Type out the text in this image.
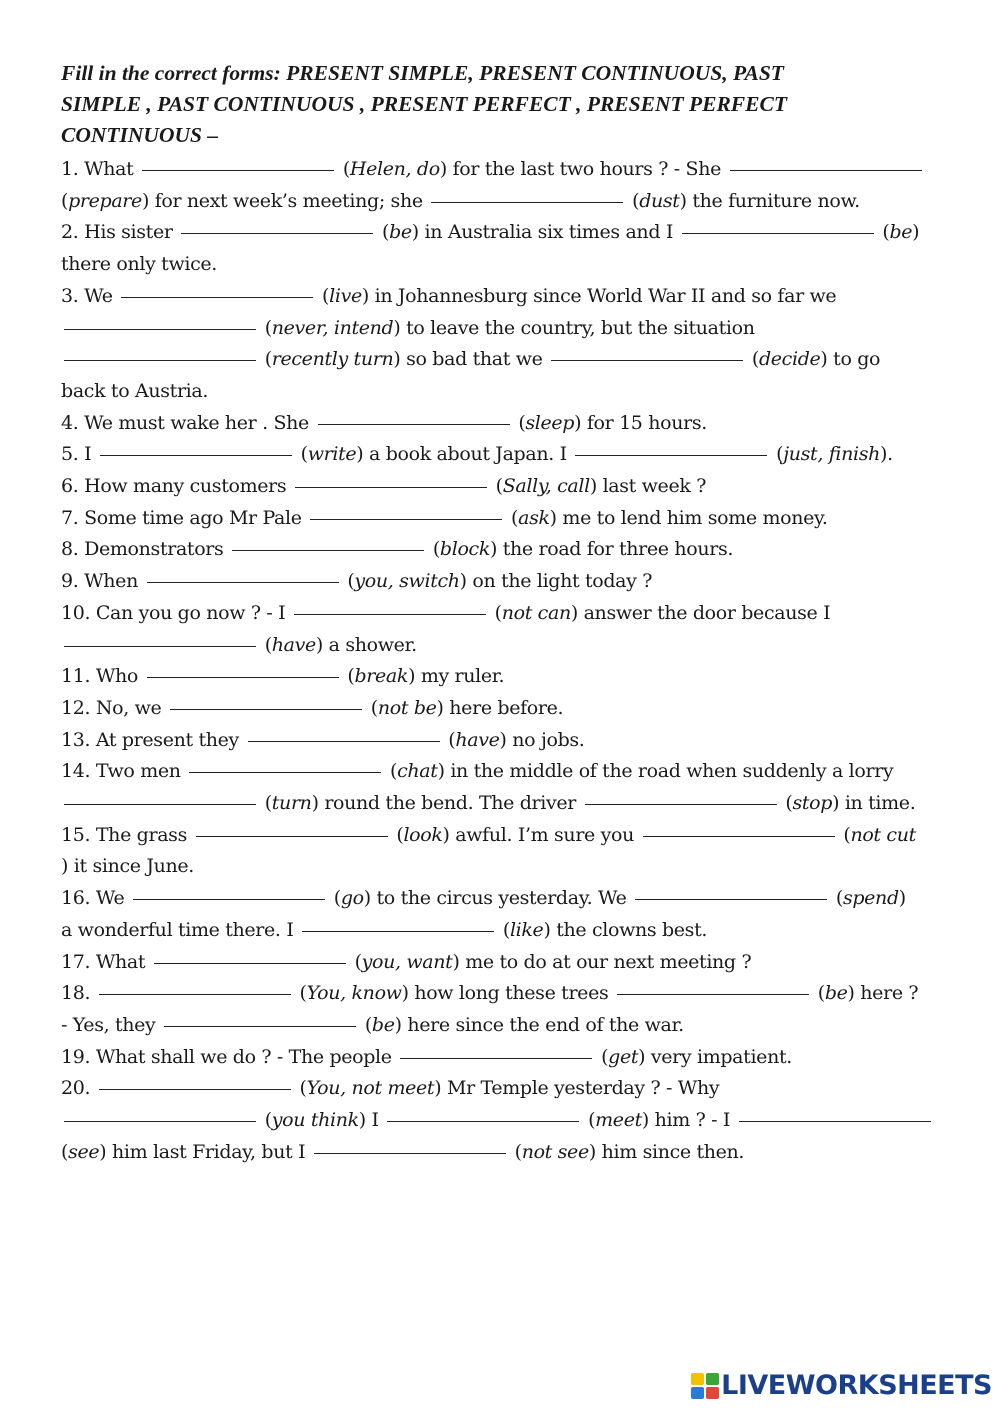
Fill in the correct forms: PRESENT SIMPLE, PRESENT CONTINUOUS, PAST
SIMPLE , PAST CONTINUOUS , PRESENT PERFECT , PRESENT PERFECT
CONTINUOUS –
1. What	(Helen, do) for the last two hours ? - She
(prepare) for next week’s meeting; she	(dust) the furniture now.
2. His sister	(be) in Australia six times and I	(be)
there only twice.
3. We	(live) in Johannesburg since World War II and so far we
(never, intend) to leave the country, but the situation
(recently turn) so bad that we	(decide) to go
back to Austria.
4. We must wake her . She	(sleep) for 15 hours.
5. I	(write) a book about Japan. I	(just, finish).
6. How many customers	(Sally, call) last week ?
7. Some time ago Mr Pale	(ask) me to lend him some money.
8. Demonstrators	(block) the road for three hours.
9. When	(you, switch) on the light today ?
10. Can you go now ? - I	(not can) answer the door because I
(have) a shower.
11. Who	(break) my ruler.
12. No, we	(not be) here before.
13. At present they	(have) no jobs.
14. Two men	(chat) in the middle of the road when suddenly a lorry
(turn) round the bend. The driver	(stop) in time.
15. The grass	(look) awful. I’m sure you	(not cut
) it since June.
16. We	(go) to the circus yesterday. We	(spend)
a wonderful time there. I	(like) the clowns best.
17. What	(you, want) me to do at our next meeting ?
18.	(You, know) how long these trees	(be) here ?
- Yes, they	(be) here since the end of the war.
19. What shall we do ? - The people	(get) very impatient.
20.	(You, not meet) Mr Temple yesterday ? - Why
(you think) I	(meet) him ? - I
(see) him last Friday, but I	(not see) him since then.
LIVEWORKSHEETS
